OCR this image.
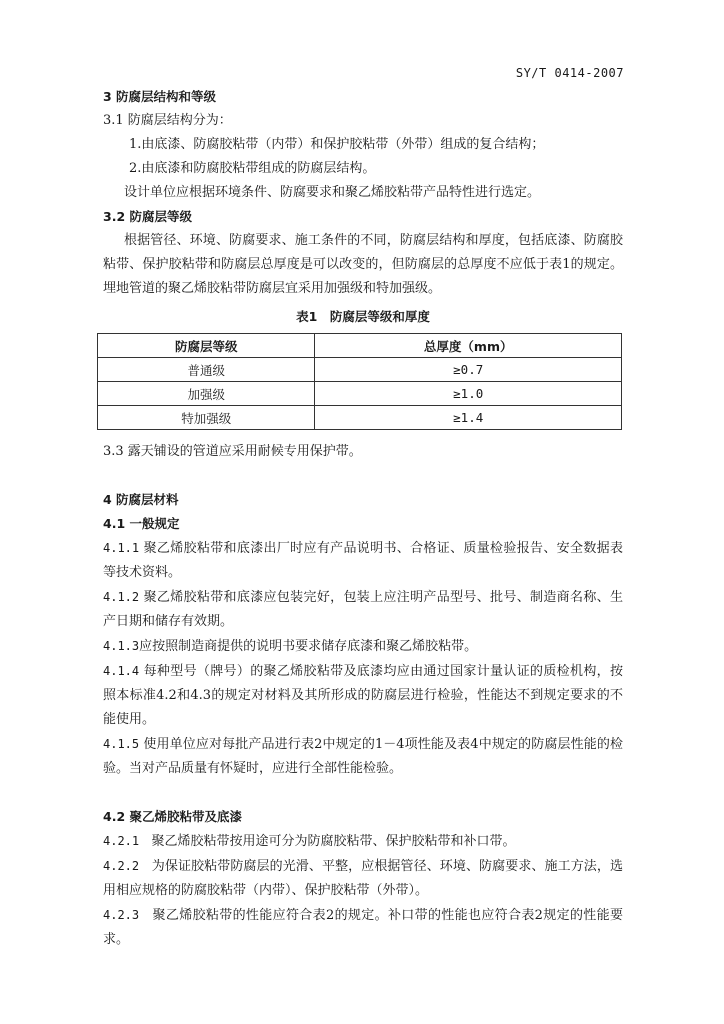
SY/T 0414-2007

3 防腐层结构和等级

3.1 防腐层结构分为：

1.由底漆、防腐胶粘带（内带）和保护胶粘带（外带）组成的复合结构；

2.由底漆和防腐胶粘带组成的防腐层结构。

设计单位应根据环境条件、防腐要求和聚乙烯胶粘带产品特性进行选定。

3.2 防腐层等级

根据管径、环境、防腐要求、施工条件的不同，防腐层结构和厚度，包括底漆、防腐胶粘带、保护胶粘带和防腐层总厚度是可以改变的，但防腐层的总厚度不应低于表1的规定。埋地管道的聚乙烯胶粘带防腐层宜采用加强级和特加强级。

表1　防腐层等级和厚度

防腐层等级	总厚度（mm）
普通级	≥0.7
加强级	≥1.0
特加强级	≥1.4

3.3 露天铺设的管道应采用耐候专用保护带。

4 防腐层材料

4.1 一般规定

4.1.1 聚乙烯胶粘带和底漆出厂时应有产品说明书、合格证、质量检验报告、安全数据表等技术资料。

4.1.2 聚乙烯胶粘带和底漆应包装完好，包装上应注明产品型号、批号、制造商名称、生产日期和储存有效期。

4.1.3应按照制造商提供的说明书要求储存底漆和聚乙烯胶粘带。

4.1.4 每种型号（牌号）的聚乙烯胶粘带及底漆均应由通过国家计量认证的质检机构，按照本标准4.2和4.3的规定对材料及其所形成的防腐层进行检验，性能达不到规定要求的不能使用。

4.1.5 使用单位应对每批产品进行表2中规定的1－4项性能及表4中规定的防腐层性能的检验。当对产品质量有怀疑时，应进行全部性能检验。

4.2 聚乙烯胶粘带及底漆

4.2.1 聚乙烯胶粘带按用途可分为防腐胶粘带、保护胶粘带和补口带。

4.2.2 为保证胶粘带防腐层的光滑、平整，应根据管径、环境、防腐要求、施工方法，选用相应规格的防腐胶粘带（内带）、保护胶粘带（外带）。

4.2.3 聚乙烯胶粘带的性能应符合表2的规定。补口带的性能也应符合表2规定的性能要求。
